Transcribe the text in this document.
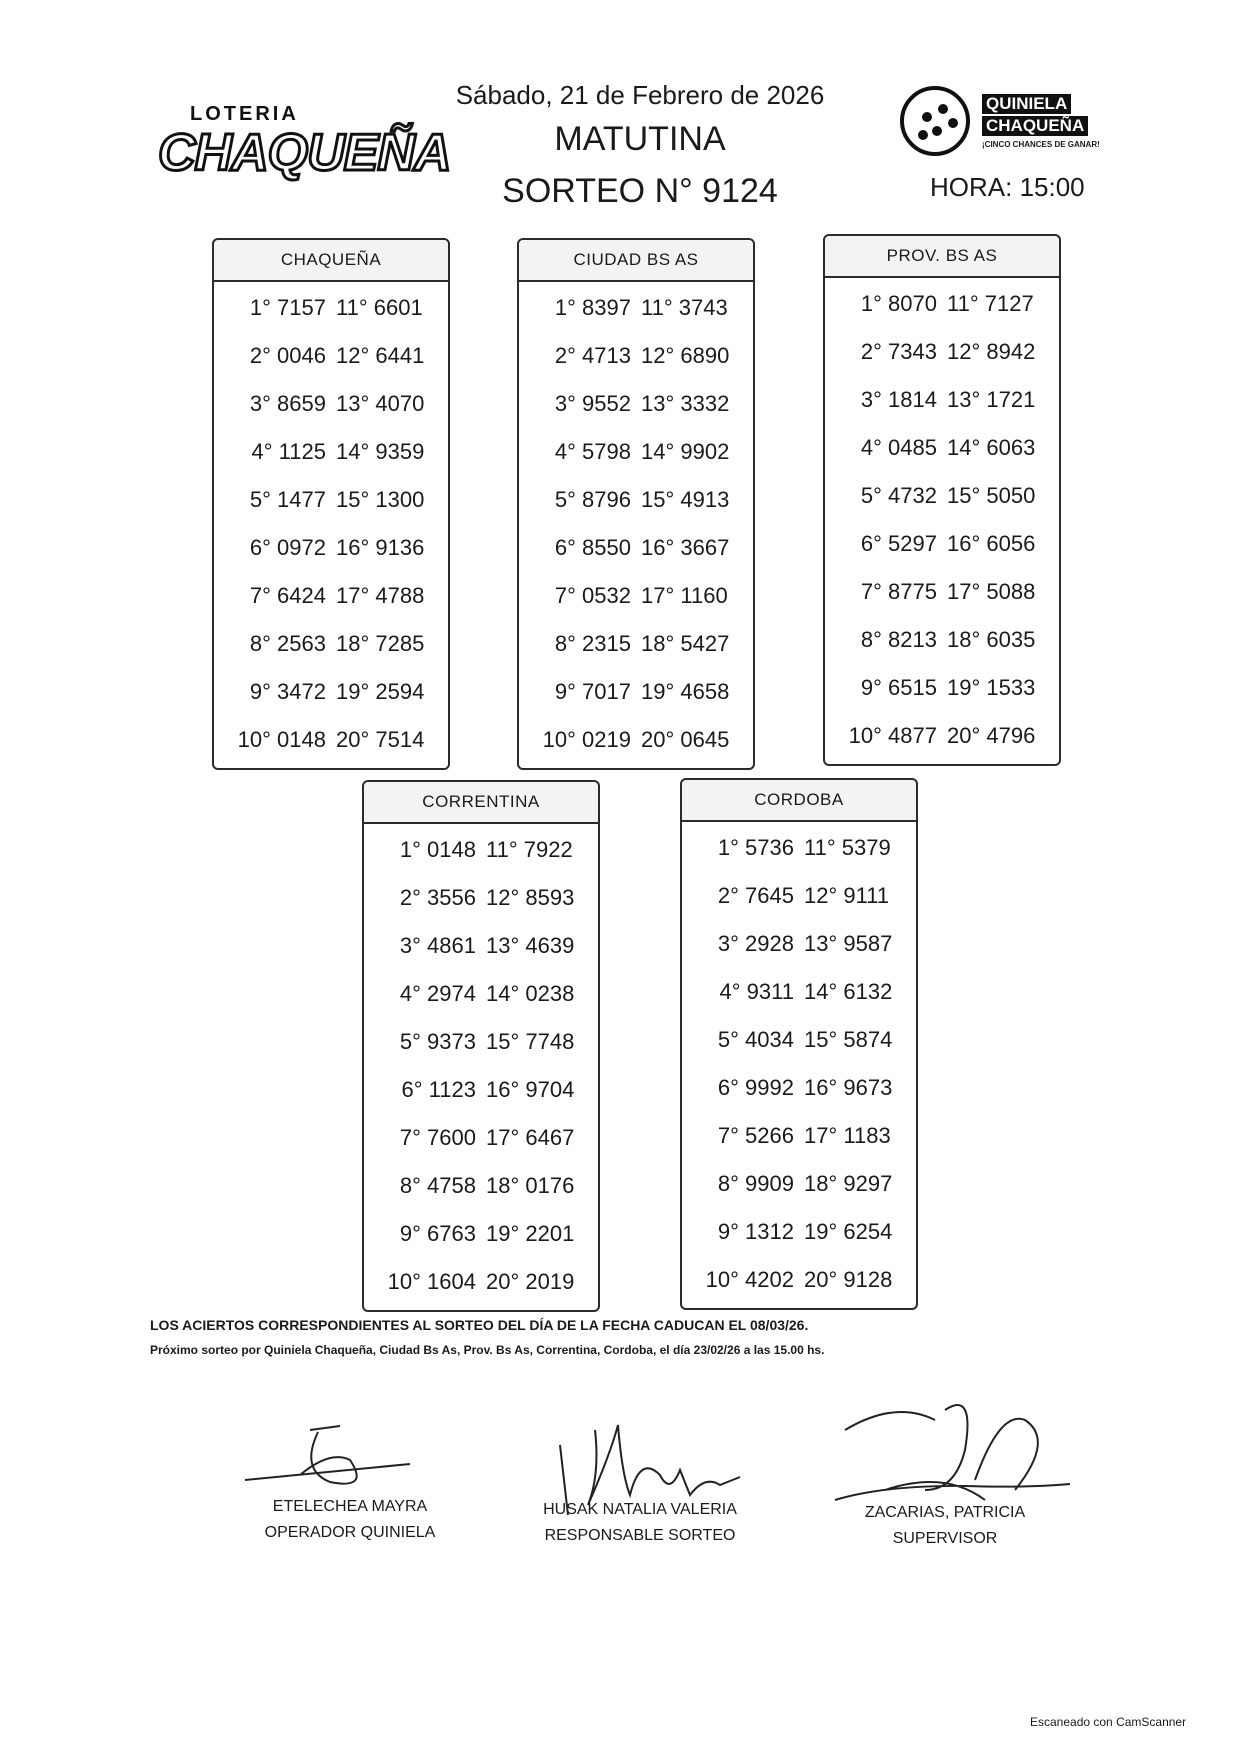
LOTERIA
CHAQUEÑA
Sábado, 21 de Febrero de 2026
MATUTINA
SORTEO N° 9124
QUINIELA
CHAQUEÑA
¡CINCO CHANCES DE GANAR!
HORA: 15:00
CHAQUEÑA
1° 7157 11° 6601
2° 0046 12° 6441
3° 8659 13° 4070
4° 1125 14° 9359
5° 1477 15° 1300
6° 0972 16° 9136
7° 6424 17° 4788
8° 2563 18° 7285
9° 3472 19° 2594
10° 0148 20° 7514
CIUDAD BS AS
1° 8397 11° 3743
2° 4713 12° 6890
3° 9552 13° 3332
4° 5798 14° 9902
5° 8796 15° 4913
6° 8550 16° 3667
7° 0532 17° 1160
8° 2315 18° 5427
9° 7017 19° 4658
10° 0219 20° 0645
PROV. BS AS
1° 8070 11° 7127
2° 7343 12° 8942
3° 1814 13° 1721
4° 0485 14° 6063
5° 4732 15° 5050
6° 5297 16° 6056
7° 8775 17° 5088
8° 8213 18° 6035
9° 6515 19° 1533
10° 4877 20° 4796
CORRENTINA
1° 0148 11° 7922
2° 3556 12° 8593
3° 4861 13° 4639
4° 2974 14° 0238
5° 9373 15° 7748
6° 1123 16° 9704
7° 7600 17° 6467
8° 4758 18° 0176
9° 6763 19° 2201
10° 1604 20° 2019
CORDOBA
1° 5736 11° 5379
2° 7645 12° 9111
3° 2928 13° 9587
4° 9311 14° 6132
5° 4034 15° 5874
6° 9992 16° 9673
7° 5266 17° 1183
8° 9909 18° 9297
9° 1312 19° 6254
10° 4202 20° 9128
LOS ACIERTOS CORRESPONDIENTES AL SORTEO DEL DÍA DE LA FECHA CADUCAN EL 08/03/26.
Próximo sorteo por Quiniela Chaqueña, Ciudad Bs As, Prov. Bs As, Correntina, Cordoba, el día 23/02/26 a las 15.00 hs.
ETELECHEA MAYRA
OPERADOR QUINIELA
HUSAK NATALIA VALERIA
RESPONSABLE SORTEO
ZACARIAS, PATRICIA
SUPERVISOR
Escaneado con CamScanner
